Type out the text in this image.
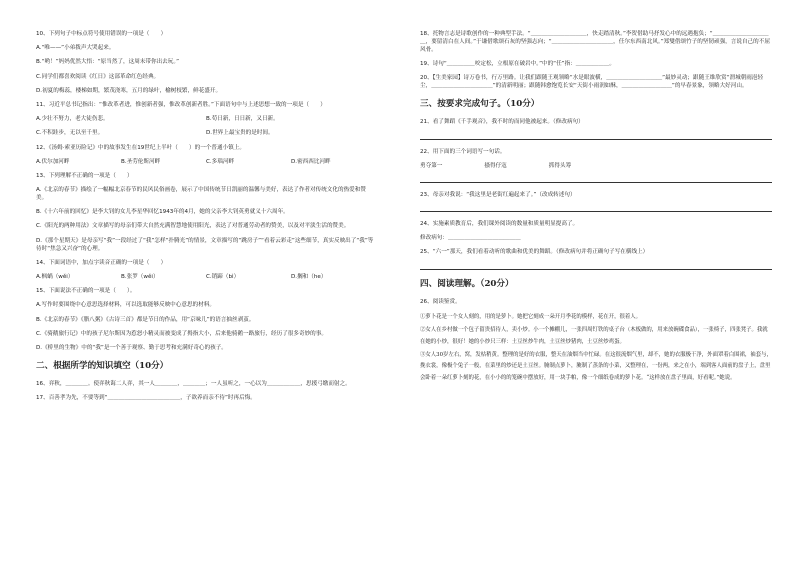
10、下列句子中标点符号使用错误的一项是（　　）

A.“唯——”小弟拨声大哭起来。

B.“哟！”妈妈优然大悟：“原当然了，这周末带你出去玩。”

C.同学们都喜欢阅读《红日》这部革命红色经典。

D.初夏的梅蕊，楼梯如期，繁茂浇寒，五月的绿叶，榆树枝繁，鲜花盛开。

11、习近平总书记指出：“惟改革者进，惟创新者强，惟改革创新者胜。”下面语句中与上述思想一致的一项是（　　）

A.少壮不努力，老大徒伤悲。	B.苟日新，日日新，又日新。
C.不积跬步，无以至千里。	D.世界上最宝贵的是时间。

12、《汤姆·索亚历险记》中的故事发生在19世纪上半叶（　　）的一个普通小镇上。

A.伏尔加河畔	B.圣劳伦斯河畔	C.多瑙河畔	D.密西西比河畔

13、下列理解不正确的一项是（　　）

A.《北京的春节》描绘了一幅幅北京春节的民风民俗画卷，展示了中国传统节日凯丽的温馨与美好，表达了作者对传统文化的热爱和赞美。

B.《十六年前的回忆》是李大钊的女儿李星华回忆1943年的4月，她的父亲李大钊英勇就义十六周年。

C.《阳光的两种用法》文章描写的母亲们带大自然充满智慧地使用阳光，表达了对普通劳动者的赞美，以及对平淡生活的赞美。

D.《那个星期天》是母亲写“我”一段经过了“我”怎样“扑腾光”的情景，文章描写的“跳房子”“看着云彩走”这些细节，真实反映出了“我”等待时“焦急又兴奋”的心理。

14、下面词语中，加点字读音正确的一项是（　　）

A.枫蜗（wěi）	B.张罗（wěi）	C.销蹄（bì）	D.搁和（he）

15、下面说法不正确的一项是（　　）。

A.写作时要围绕中心意思选择材料，可以选取能够反映中心意思的材料。

B.《北京的春节》《腊八粥》《古诗三首》都是节日的作品，用“京味儿”的语言抽丝剥茧。

C.《骑鹅旅行记》中的孩子尼尔斯因为惹怒小精灵而被变成了拇指大小，后来他骑鹅一路旅行，经历了很多奇妙的事。

D.《桥里的生物》中的“我”是一个善于观察、勤于思考和充满好奇心的孩子。

二、根据所学的知识填空（10分）

16、弈秋，＿＿＿＿。使弈秋诲二人弈，其一人＿＿＿＿，＿＿＿＿；一人虽听之，一心以为＿＿＿＿＿＿，思援弓缴而射之。

17、百善孝为先，不要等到“＿＿＿＿＿＿＿＿＿＿＿＿＿，子欲养而亲不待”时再后悔。

18、托物言志是诗歌创作的一种典型手法。“＿＿＿＿＿＿＿＿＿＿，快走踏清秋。”李贺借助马抒发心中的远遇抱负；“＿＿＿＿＿＿＿＿＿＿＿，要留清白在人间。”于谦借歌颂石灰的坚强志向；“＿＿＿＿＿＿＿＿＿＿＿，任尔东西南北风。”郑燮借颂竹子的坚韧顽强，言说自己的不屈风骨。

19、诗句“＿＿＿＿＿咬定松，立根原在破岩中。”中的“任”指：＿＿＿＿＿＿。

20、【生美家园】诗万卷书，行万里路。让我们跟随王观领略“水是眼波横，＿＿＿＿＿＿＿＿＿＿”最妙灵动；跟随王维欣赏“渭城朝雨浥轻尘，＿＿＿＿＿＿＿＿＿＿＿”的清新明丽；跟随韩愈饱览长安“天街小雨润如酥，＿＿＿＿＿＿＿＿＿”的早春景象，领略大好河山。

三、按要求完成句子。（10分）

21、看了舞蹈《千手观音》，我不时的而同他被起来。（修改病句）

22、用下面的三个词语写一句话。

勇夺第一	搔得仔寇	抓得头筹

23、母亲对我说：“我这里是老街红遍起来了。”（改成转述句）

24、实施素质教育后，我们课外阅读的数量和质量明显提高了。

修改病句：＿＿＿＿＿＿＿＿＿＿＿＿＿

25、“六一”那天，我们看着动听的歌曲和优美的舞蹈。（修改病句并将正确句子写在横线上）

四、阅读理解。（20分）

26、阅读鉴赏。

①萝卜花是一个女人刻的，用的是萝卜。她把它刻成一朵开月季花的模样，花在开，很着人。

②女人在乡村做一个包子留贵招待人，卖小炒。小一个摊棚儿，一张四周钉铁的桌子台（木板做的，用来放碗碟食品），一张椅子，四张凳子。我就在她的小炒，很好！她的小炒只三样：土豆丝炒牛肉，土豆丝炒猪肉，土豆丝炒鸡蛋。

③女人30岁左右，窝，发枯稍黄。整理的是好的衣服，整天在油烟当中忙碌。在这很流烟气里，却不，她的衣服极干净，外面罩着白围裙，袖套与，挽衣裳，像极个兔子一般，在菜里的炒还是土豆丝。腌制点萝卜，腌制了蒸条的小菜，又整理在，一份两，来之在小，端到客人面前的盘子上，盘里会卧着一朵红萝卜刻的花，在小小的的笼碗中摆放好，用一块手帕，像一个细纸卷成的萝卜花。“这样放在盘子里面，好看呢。”她说。
